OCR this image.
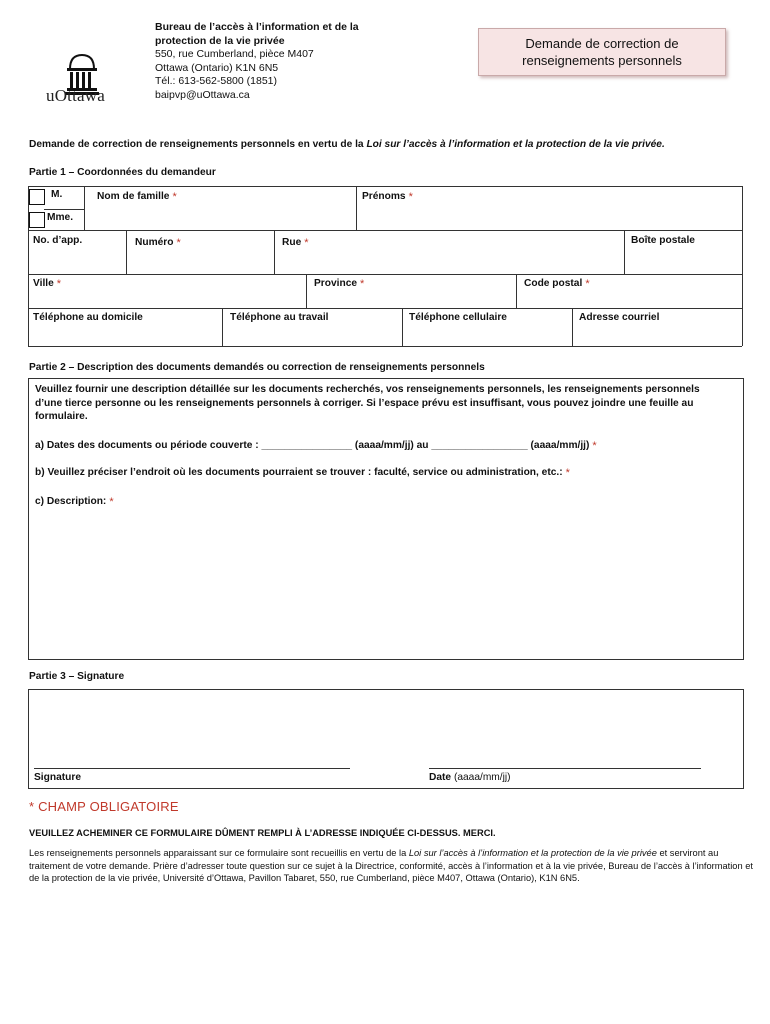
uOttawa
Bureau de l’accès à l’information et de la
protection de la vie privée
550, rue Cumberland, pièce M407
Ottawa (Ontario) K1N 6N5
Tél.: 613-562-5800 (1851)
baipvp@uOttawa.ca
Demande de correction de
renseignements personnels
Demande de correction de renseignements personnels en vertu de la Loi sur l’accès à l’information et la protection de la vie privée.
Partie 1 – Coordonnées du demandeur
M.
Mme.
Nom de famille *	Prénoms *
No. d’app.	Numéro *	Rue *	Boîte postale
Ville *	Province *	Code postal *
Téléphone au domicile	Téléphone au travail	Téléphone cellulaire	Adresse courriel
Partie 2 – Description des documents demandés ou correction de renseignements personnels
Veuillez fournir une description détaillée sur les documents recherchés, vos renseignements personnels, les renseignements personnels d’une tierce personne ou les renseignements personnels à corriger. Si l’espace prévu est insuffisant, vous pouvez joindre une feuille au formulaire.
a) Dates des documents ou période couverte : ________________ (aaaa/mm/jj) au _________________ (aaaa/mm/jj) *
b) Veuillez préciser l’endroit où les documents pourraient se trouver : faculté, service ou administration, etc.: *
c) Description: *
Partie 3 – Signature
Signature	Date (aaaa/mm/jj)
* CHAMP OBLIGATOIRE
VEUILLEZ ACHEMINER CE FORMULAIRE DÛMENT REMPLI À L’ADRESSE INDIQUÉE CI-DESSUS. MERCI.
Les renseignements personnels apparaissant sur ce formulaire sont recueillis en vertu de la Loi sur l’accès à l’information et la protection de la vie privée et serviront au traitement de votre demande. Prière d’adresser toute question sur ce sujet à la Directrice, conformité, accès à l’information et à la vie privée, Bureau de l’accès à l’information et de la protection de la vie privée, Université d’Ottawa, Pavillon Tabaret, 550, rue Cumberland, pièce M407, Ottawa (Ontario), K1N 6N5.
